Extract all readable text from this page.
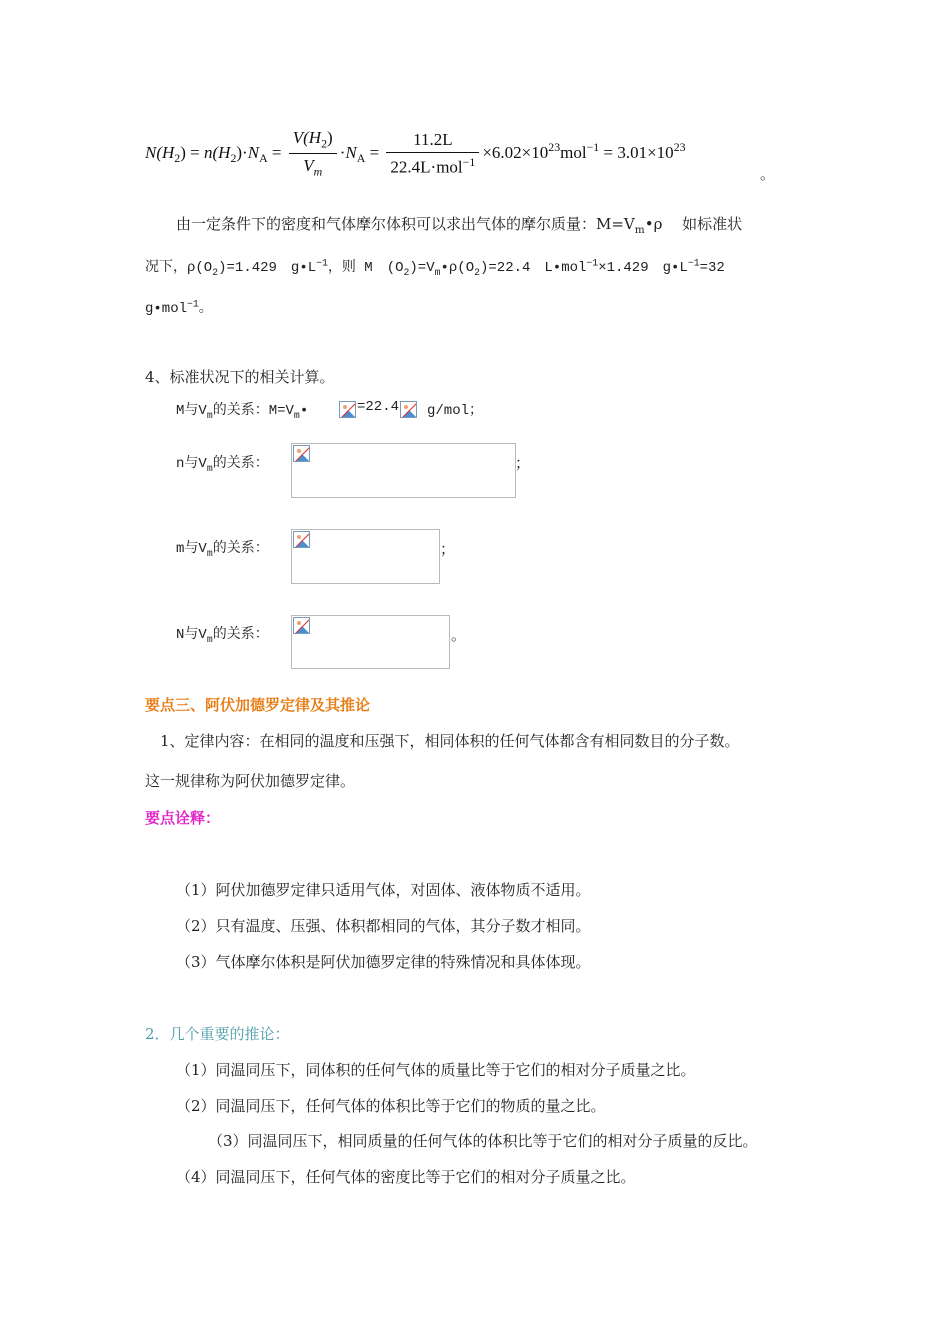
$N(H_2) = n(H_2)\cdot N_A = \frac{V(H_2)}{V_m} \cdot N_A = \frac{11.2L}{22.4L\cdot mol^{-1}} \times 6.02\times 10^{23}mol^{-1} = 3.01\times 10^{23}$
。
由一定条件下的密度和气体摩尔体积可以求出气体的摩尔质量：$M=V_m•\rho$　 如标准状
况下，$\rho(O_2)=1.429$　$g•L^{-1}$，则 M　$(O_2)=V_m•\rho(O_2)=22.4$　L•mol$^{-1}$×1.429　$g•L^{-1}=32$
g•mol$^{-1}$。
4、标准状况下的相关计算。
M与$V_m$的关系：$M=V_m•$	=22.4 g/mol；
n与$V_m$的关系：	；
m与$V_m$的关系：	；
N与$V_m$的关系：	。
要点三、阿伏加德罗定律及其推论
1、定律内容：在相同的温度和压强下，相同体积的任何气体都含有相同数目的分子数。
这一规律称为阿伏加德罗定律。
要点诠释：
（1）阿伏加德罗定律只适用气体，对固体、液体物质不适用。
（2）只有温度、压强、体积都相同的气体，其分子数才相同。
（3）气体摩尔体积是阿伏加德罗定律的特殊情况和具体体现。
2．几个重要的推论：
（1）同温同压下，同体积的任何气体的质量比等于它们的相对分子质量之比。
（2）同温同压下，任何气体的体积比等于它们的物质的量之比。
（3）同温同压下，相同质量的任何气体的体积比等于它们的相对分子质量的反比。
（4）同温同压下，任何气体的密度比等于它们的相对分子质量之比。
